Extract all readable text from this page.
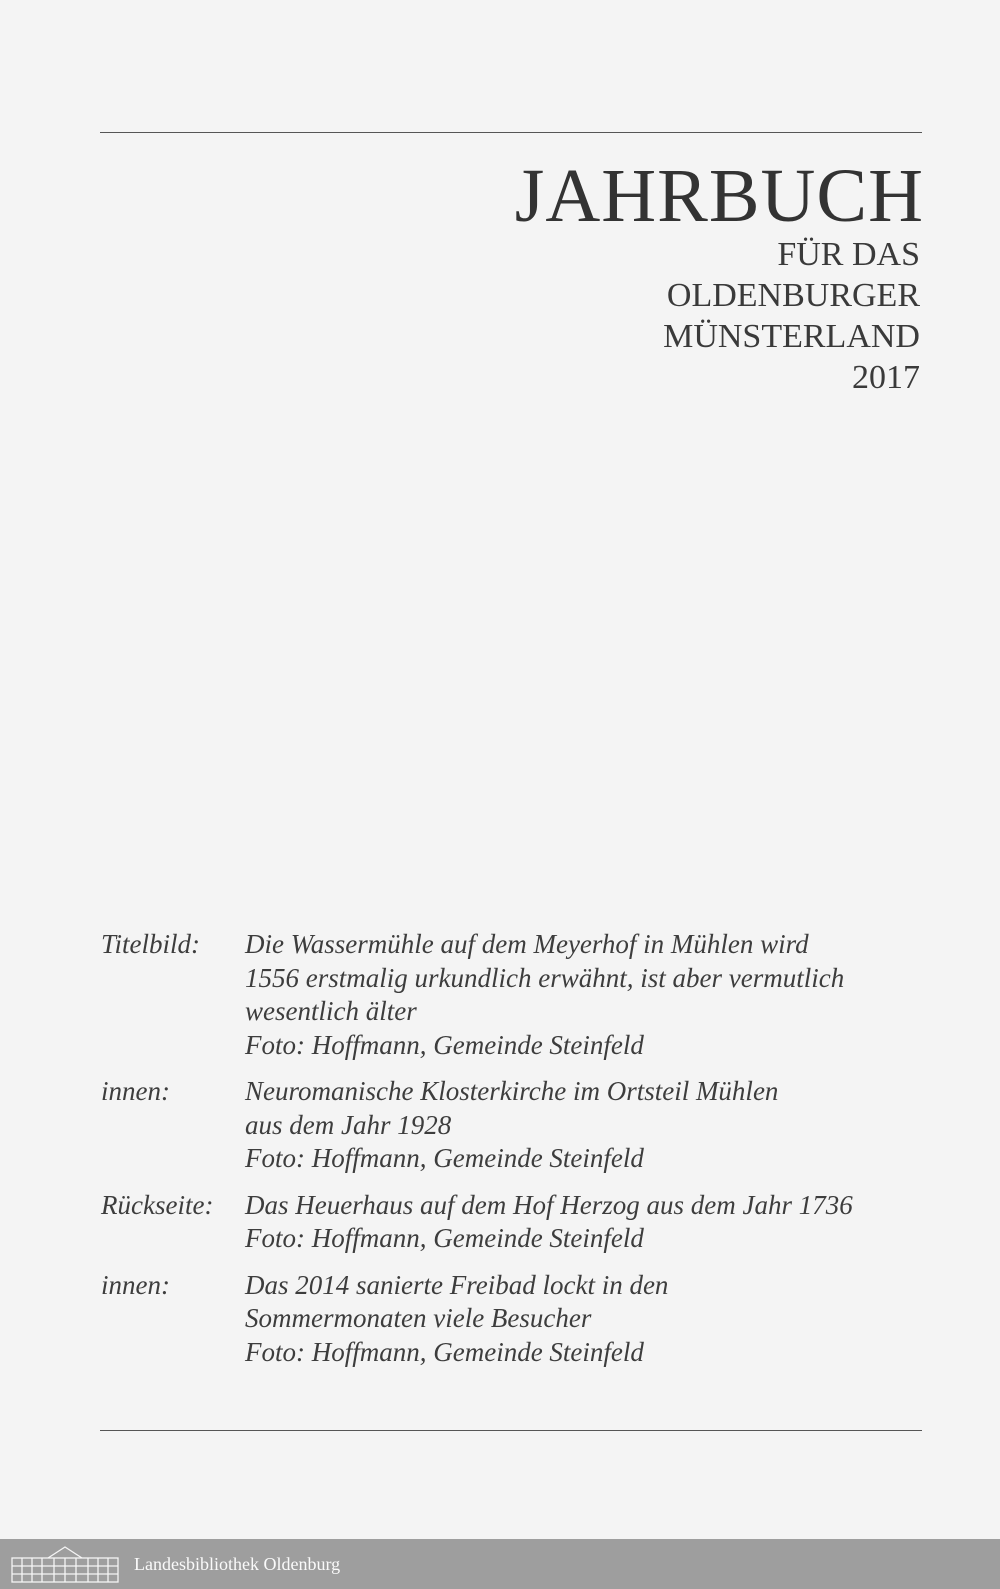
JAHRBUCH
FÜR DAS
OLDENBURGER
MÜNSTERLAND
2017
Titelbild:	Die Wassermühle auf dem Meyerhof in Mühlen wird
1556 erstmalig urkundlich erwähnt, ist aber vermutlich
wesentlich älter
Foto: Hoffmann, Gemeinde Steinfeld
innen:	Neuromanische Klosterkirche im Ortsteil Mühlen
aus dem Jahr 1928
Foto: Hoffmann, Gemeinde Steinfeld
Rückseite:	Das Heuerhaus auf dem Hof Herzog aus dem Jahr 1736
Foto: Hoffmann, Gemeinde Steinfeld
innen:	Das 2014 sanierte Freibad lockt in den
Sommermonaten viele Besucher
Foto: Hoffmann, Gemeinde Steinfeld
Landesbibliothek Oldenburg
